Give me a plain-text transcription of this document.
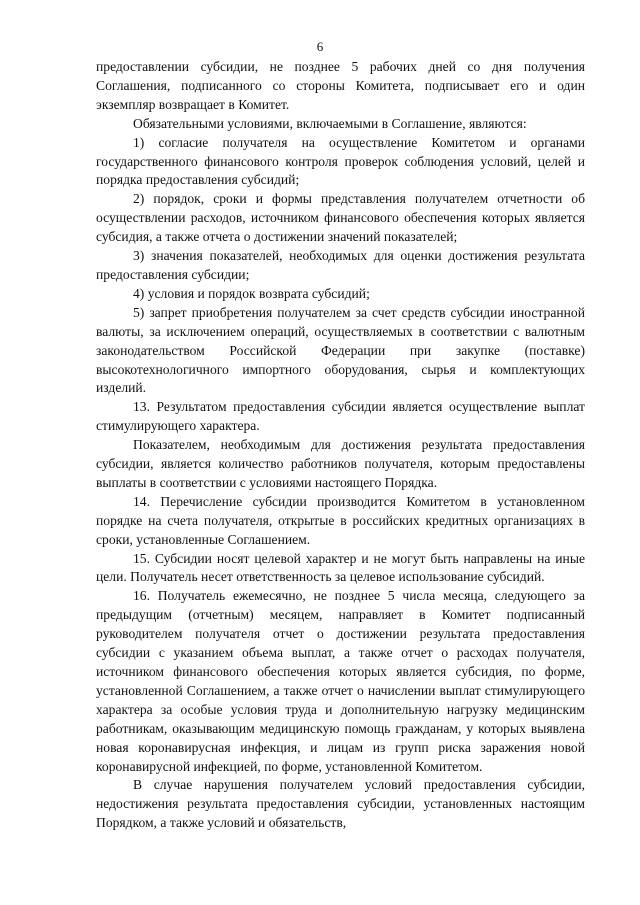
6

предоставлении субсидии, не позднее 5 рабочих дней со дня получения Соглашения, подписанного со стороны Комитета, подписывает его и один экземпляр возвращает в Комитет.

Обязательными условиями, включаемыми в Соглашение, являются:

1) согласие получателя на осуществление Комитетом и органами государственного финансового контроля проверок соблюдения условий, целей и порядка предоставления субсидий;

2) порядок, сроки и формы представления получателем отчетности об осуществлении расходов, источником финансового обеспечения которых является субсидия, а также отчета о достижении значений показателей;

3) значения показателей, необходимых для оценки достижения результата предоставления субсидии;

4) условия и порядок возврата субсидий;

5) запрет приобретения получателем за счет средств субсидии иностранной валюты, за исключением операций, осуществляемых в соответствии с валютным законодательством Российской Федерации при закупке (поставке) высокотехнологичного импортного оборудования, сырья и комплектующих изделий.

13. Результатом предоставления субсидии является осуществление выплат стимулирующего характера.

Показателем, необходимым для достижения результата предоставления субсидии, является количество работников получателя, которым предоставлены выплаты в соответствии с условиями настоящего Порядка.

14. Перечисление субсидии производится Комитетом в установленном порядке на счета получателя, открытые в российских кредитных организациях в сроки, установленные Соглашением.

15. Субсидии носят целевой характер и не могут быть направлены на иные цели. Получатель несет ответственность за целевое использование субсидий.

16. Получатель ежемесячно, не позднее 5 числа месяца, следующего за предыдущим (отчетным) месяцем, направляет в Комитет подписанный руководителем получателя отчет о достижении результата предоставления субсидии с указанием объема выплат, а также отчет о расходах получателя, источником финансового обеспечения которых является субсидия, по форме, установленной Соглашением, а также отчет о начислении выплат стимулирующего характера за особые условия труда и дополнительную нагрузку медицинским работникам, оказывающим медицинскую помощь гражданам, у которых выявлена новая коронавирусная инфекция, и лицам из групп риска заражения новой коронавирусной инфекцией, по форме, установленной Комитетом.

В случае нарушения получателем условий предоставления субсидии, недостижения результата предоставления субсидии, установленных настоящим Порядком, а также условий и обязательств,
